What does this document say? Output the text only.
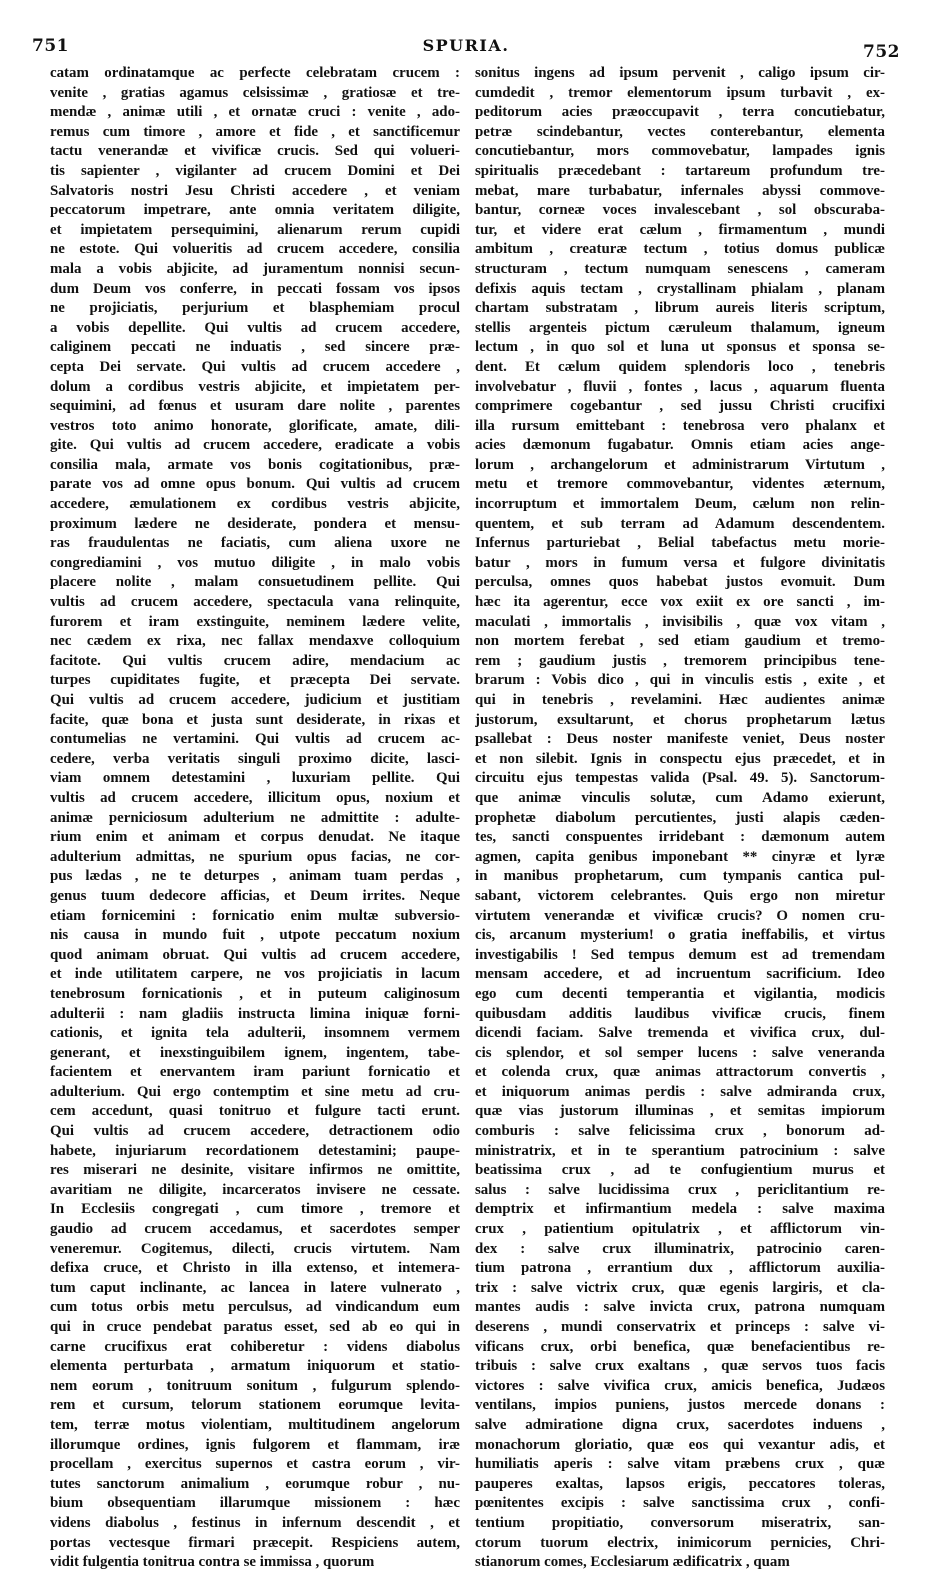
751	SPURIA.	752

catam ordinatamque ac perfecte celebratam crucem :

venite , gratias agamus celsissimæ , gratiosæ et tre-

mendæ , animæ utili , et ornatæ cruci : venite , ado-

remus cum timore , amore et fide , et sanctificemur

tactu venerandæ et vivificæ crucis. Sed qui volueri-

tis sapienter , vigilanter ad crucem Domini et Dei

Salvatoris nostri Jesu Christi accedere , et veniam

peccatorum impetrare, ante omnia veritatem diligite,

et impietatem persequimini, alienarum rerum cupidi

ne estote. Qui volueritis ad crucem accedere, consilia

mala a vobis abjicite, ad juramentum nonnisi secun-

dum Deum vos conferre, in peccati fossam vos ipsos

ne projiciatis, perjurium et blasphemiam procul

a vobis depellite. Qui vultis ad crucem accedere,

caliginem peccati ne induatis , sed sincere præ-

cepta Dei servate. Qui vultis ad crucem accedere ,

dolum a cordibus vestris abjicite, et impietatem per-

sequimini, ad fœnus et usuram dare nolite , parentes

vestros toto animo honorate, glorificate, amate, dili-

gite. Qui vultis ad crucem accedere, eradicate a vobis

consilia mala, armate vos bonis cogitationibus, præ-

parate vos ad omne opus bonum. Qui vultis ad crucem

accedere, æmulationem ex cordibus vestris abjicite,

proximum lædere ne desiderate, pondera et mensu-

ras fraudulentas ne faciatis, cum aliena uxore ne

congrediamini , vos mutuo diligite , in malo vobis

placere nolite , malam consuetudinem pellite. Qui

vultis ad crucem accedere, spectacula vana relinquite,

furorem et iram exstinguite, neminem lædere velite,

nec cædem ex rixa, nec fallax mendaxve colloquium

facitote. Qui vultis crucem adire, mendacium ac

turpes cupiditates fugite, et præcepta Dei servate.

Qui vultis ad crucem accedere, judicium et justitiam

facite, quæ bona et justa sunt desiderate, in rixas et

contumelias ne vertamini. Qui vultis ad crucem ac-

cedere, verba veritatis singuli proximo dicite, lasci-

viam omnem detestamini , luxuriam pellite. Qui

vultis ad crucem accedere, illicitum opus, noxium et

animæ perniciosum adulterium ne admittite : adulte-

rium enim et animam et corpus denudat. Ne itaque

adulterium admittas, ne spurium opus facias, ne cor-

pus lædas , ne te deturpes , animam tuam perdas ,

genus tuum dedecore afficias, et Deum irrites. Neque

etiam fornicemini : fornicatio enim multæ subversio-

nis causa in mundo fuit , utpote peccatum noxium

quod animam obruat. Qui vultis ad crucem accedere,

et inde utilitatem carpere, ne vos projiciatis in lacum

tenebrosum fornicationis , et in puteum caliginosum

adulterii : nam gladiis instructa limina iniquæ forni-

cationis, et ignita tela adulterii, insomnem vermem

generant, et inexstinguibilem ignem, ingentem, tabe-

facientem et enervantem iram pariunt fornicatio et

adulterium. Qui ergo contemptim et sine metu ad cru-

cem accedunt, quasi tonitruo et fulgure tacti erunt.

Qui vultis ad crucem accedere, detractionem odio

habete, injuriarum recordationem detestamini; paupe-

res miserari ne desinite, visitare infirmos ne omittite,

avaritiam ne diligite, incarceratos invisere ne cessate.

In Ecclesiis congregati , cum timore , tremore et

gaudio ad crucem accedamus, et sacerdotes semper

veneremur. Cogitemus, dilecti, crucis virtutem. Nam

defixa cruce, et Christo in illa extenso, et intemera-

tum caput inclinante, ac lancea in latere vulnerato ,

cum totus orbis metu perculsus, ad vindicandum eum

qui in cruce pendebat paratus esset, sed ab eo qui in

carne crucifixus erat cohiberetur : videns diabolus

elementa perturbata , armatum iniquorum et statio-

nem eorum , tonitruum sonitum , fulgurum splendo-

rem et cursum, telorum stationem eorumque levita-

tem, terræ motus violentiam, multitudinem angelorum

illorumque ordines, ignis fulgorem et flammam, iræ

procellam , exercitus supernos et castra eorum , vir-

tutes sanctorum animalium , eorumque robur , nu-

bium obsequentiam illarumque missionem : hæc

videns diabolus , festinus in infernum descendit , et

portas vectesque firmari præcepit. Respiciens autem,

vidit fulgentia tonitrua contra se immissa , quorum

sonitus ingens ad ipsum pervenit , caligo ipsum cir-

cumdedit , tremor elementorum ipsum turbavit , ex-

peditorum acies præoccupavit , terra concutiebatur,

petræ scindebantur, vectes conterebantur, elementa

concutiebantur, mors commovebatur, lampades ignis

spiritualis præcedebant : tartareum profundum tre-

mebat, mare turbabatur, infernales abyssi commove-

bantur, corneæ voces invalescebant , sol obscuraba-

tur, et videre erat cælum , firmamentum , mundi

ambitum , creaturæ tectum , totius domus publicæ

structuram , tectum numquam senescens , cameram

defixis aquis tectam , crystallinam phialam , planam

chartam substratam , librum aureis literis scriptum,

stellis argenteis pictum cæruleum thalamum, igneum

lectum , in quo sol et luna ut sponsus et sponsa se-

dent. Et cælum quidem splendoris loco , tenebris

involvebatur , fluvii , fontes , lacus , aquarum fluenta

comprimere cogebantur , sed jussu Christi crucifixi

illa rursum emittebant : tenebrosa vero phalanx et

acies dæmonum fugabatur. Omnis etiam acies ange-

lorum , archangelorum et administrarum Virtutum ,

metu et tremore commovebantur, videntes æternum,

incorruptum et immortalem Deum, cælum non relin-

quentem, et sub terram ad Adamum descendentem.

Infernus parturiebat , Belial tabefactus metu morie-

batur , mors in fumum versa et fulgore divinitatis

perculsa, omnes quos habebat justos evomuit. Dum

hæc ita agerentur, ecce vox exiit ex ore sancti , im-

maculati , immortalis , invisibilis , quæ vox vitam ,

non mortem ferebat , sed etiam gaudium et tremo-

rem ; gaudium justis , tremorem principibus tene-

brarum : Vobis dico , qui in vinculis estis , exite , et

qui in tenebris , revelamini. Hæc audientes animæ

justorum, exsultarunt, et chorus prophetarum lætus

psallebat : Deus noster manifeste veniet, Deus noster

et non silebit. Ignis in conspectu ejus præcedet, et in

circuitu ejus tempestas valida (Psal. 49. 5). Sanctorum-

que animæ vinculis solutæ, cum Adamo exierunt,

prophetæ diabolum percutientes, justi alapis cæden-

tes, sancti conspuentes irridebant : dæmonum autem

agmen, capita genibus imponebant ** cinyræ et lyræ

in manibus prophetarum, cum tympanis cantica pul-

sabant, victorem celebrantes. Quis ergo non miretur

virtutem venerandæ et vivificæ crucis? O nomen cru-

cis, arcanum mysterium! o gratia ineffabilis, et virtus

investigabilis ! Sed tempus demum est ad tremendam

mensam accedere, et ad incruentum sacrificium. Ideo

ego cum decenti temperantia et vigilantia, modicis

quibusdam additis laudibus vivificæ crucis, finem

dicendi faciam. Salve tremenda et vivifica crux, dul-

cis splendor, et sol semper lucens : salve veneranda

et colenda crux, quæ animas attractorum convertis ,

et iniquorum animas perdis : salve admiranda crux,

quæ vias justorum illuminas , et semitas impiorum

comburis : salve felicissima crux , bonorum ad-

ministratrix, et in te sperantium patrocinium : salve

beatissima crux , ad te confugientium murus et

salus : salve lucidissima crux , periclitantium re-

demptrix et infirmantium medela : salve maxima

crux , patientium opitulatrix , et afflictorum vin-

dex : salve crux illuminatrix, patrocinio caren-

tium patrona , errantium dux , afflictorum auxilia-

trix : salve victrix crux, quæ egenis largiris, et cla-

mantes audis : salve invicta crux, patrona numquam

deserens , mundi conservatrix et princeps : salve vi-

vificans crux, orbi benefica, quæ benefacientibus re-

tribuis : salve crux exaltans , quæ servos tuos facis

victores : salve vivifica crux, amicis benefica, Judæos

ventilans, impios puniens, justos mercede donans :

salve admiratione digna crux, sacerdotes induens ,

monachorum gloriatio, quæ eos qui vexantur adis, et

humiliatis aperis : salve vitam præbens crux , quæ

pauperes exaltas, lapsos erigis, peccatores toleras,

pœnitentes excipis : salve sanctissima crux , confi-

tentium propitiatio, conversorum miseratrix, san-

ctorum tuorum electrix, inimicorum pernicies, Chri-

stianorum comes, Ecclesiarum ædificatrix , quam
